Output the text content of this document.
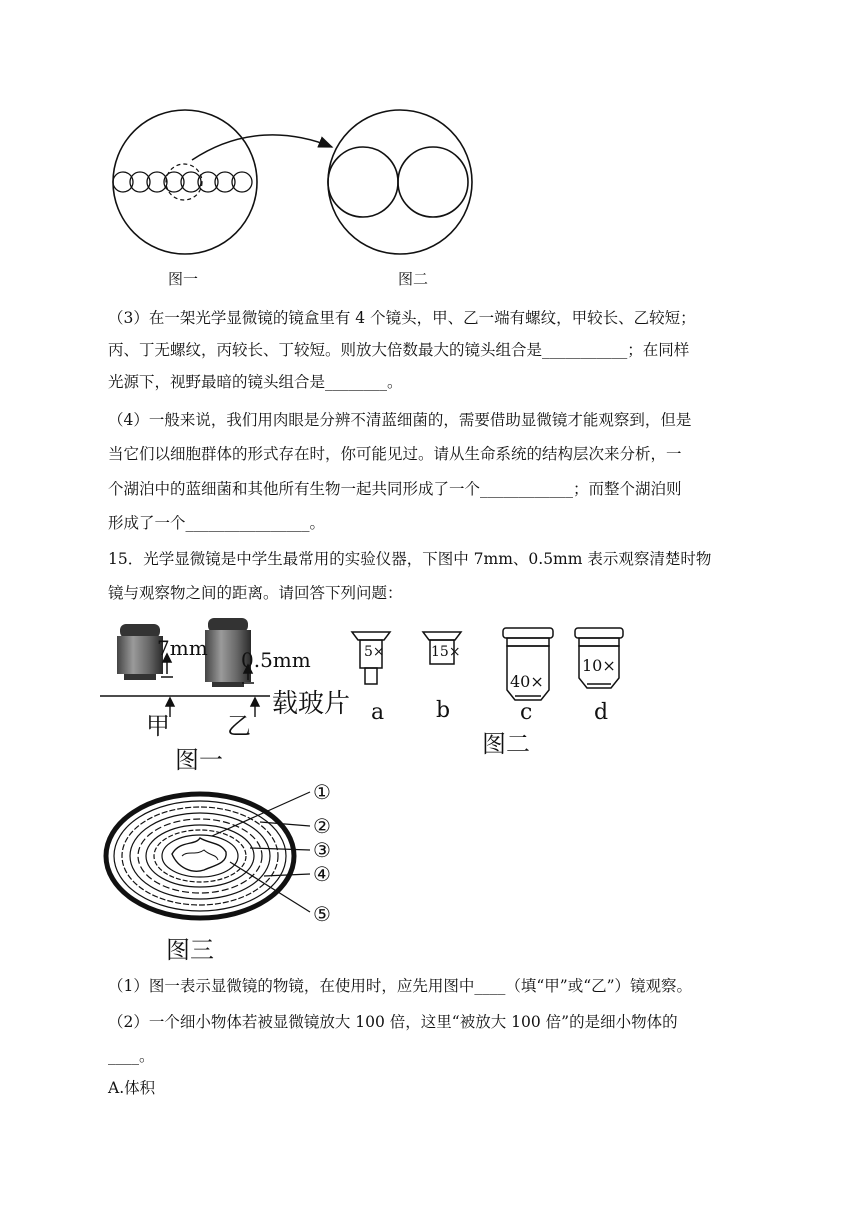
图一	图二
（3）在一架光学显微镜的镜盒里有 4 个镜头，甲、乙一端有螺纹，甲较长、乙较短；
丙、丁无螺纹，丙较长、丁较短。则放大倍数最大的镜头组合是___________；在同样
光源下，视野最暗的镜头组合是________。
（4）一般来说，我们用肉眼是分辨不清蓝细菌的，需要借助显微镜才能观察到，但是
当它们以细胞群体的形式存在时，你可能见过。请从生命系统的结构层次来分析，一
个湖泊中的蓝细菌和其他所有生物一起共同形成了一个____________；而整个湖泊则
形成了一个________________。
15．光学显微镜是中学生最常用的实验仪器，下图中 7mm、0.5mm 表示观察清楚时物
镜与观察物之间的距离。请回答下列问题：
7mm 0.5mm
载玻片
甲 乙
图一
图二
5×	15×
40×
10×
a b	c	d
①
②
③
④
⑤
图三
（1）图一表示显微镜的物镜，在使用时，应先用图中____（填“甲”或“乙”）镜观察。
（2）一个细小物体若被显微镜放大 100 倍，这里“被放大 100 倍”的是细小物体的
____。
A.体积
